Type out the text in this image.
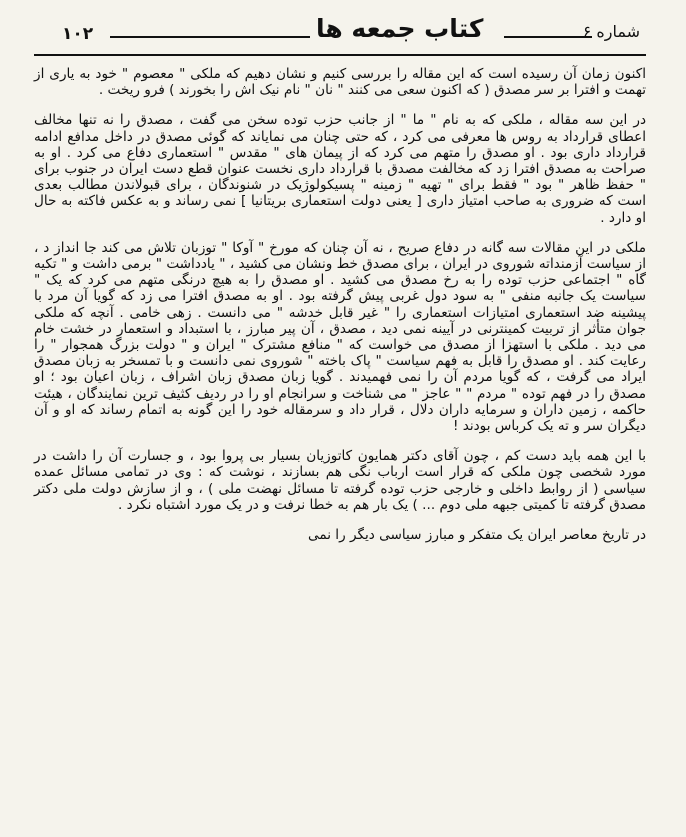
۱۰۲	کتاب جمعه ها	شماره ۶

اکنون زمان آن رسیده است که این مقاله را بررسی کنیم و نشان دهیم که ملکی " معصوم " خود به یاری از تهمت و افترا بر سر مصدق ( که اکنون سعی می کنند " نان " نام نیک اش را بخورند ) فرو ریخت .

در این سه مقاله ، ملکی که به نام " ما " از جانب حزب توده سخن می گفت ، مصدق را نه تنها مخالف اعطای قرارداد به روس ها معرفی می کرد ، که حتی چنان می نمایاند که گوئی مصدق در داخل مدافع ادامه قرارداد داری بود . او مصدق را متهم می کرد که از پیمان های " مقدس " استعماری دفاع می کرد . او به صراحت به مصدق افترا زد که مخالفت مصدق با قرارداد داری نخست عنوان قطع دست ایران در جنوب برای " حفظ ظاهر " بود " فقط برای " تهیه " زمینه " پسیکولوژیک در شنوندگان ، برای قبولاندن مطالب بعدی است که ضروری به صاحب امتیاز داری [ یعنی دولت استعماری بریتانیا ] نمی رساند و به عکس فاکته به حال او دارد .

ملکی در این مقالات سه گانه در دفاع صریح ، نه آن چنان که مورخ " آوکا " توزبان تلاش می کند جا انداز د ، از سیاست آزمنداته شوروی در ایران ، برای مصدق خط ونشان می کشید ، " یادداشت " برمی داشت و " تکیه گاه " اجتماعی حزب توده را به رخ مصدق می کشید . او مصدق را به هیچ درنگی متهم می کرد که یک " سیاست یک جانبه منفی " به سود دول غربی پیش گرفته بود . او به مصدق افترا می زد که گویا آن مرد با پیشینه ضد استعماری امتیازات استعماری را " غیر قابل خدشه " می دانست . زهی خامی . آنچه که ملکی جوان متأثر از تربیت کمینترنی در آیینه نمی دید ، مصدق ، آن پیر مبارز ، با استبداد و استعمار در خشت خام می دید . ملکی با استهزا از مصدق می خواست که " منافع مشترک " ایران و " دولت بزرگ همجوار " را رعایت کند . او مصدق را قابل به فهم سیاست " پاک باخته " شوروی نمی دانست و با تمسخر به زبان مصدق ایراد می گرفت ، که گویا مردم آن را نمی فهمیدند . گویا زبان مصدق زبان اشراف ، زبان اعیان بود ؛ او مصدق را در فهم توده " مردم " " عاجز " می شناخت و سرانجام او را در ردیف کثیف ترین نمایندگان ، هیئت حاکمه ، زمین داران و سرمایه داران دلال ، قرار داد و سرمقاله خود را این گونه به اتمام رساند که او و آن دیگران سر و ته یک کرباس بودند !

با این همه باید دست کم ، چون آقای دکتر همایون کاتوزیان بسیار بی پروا بود ، و جسارت آن را داشت در مورد شخصی چون ملکی که قرار است ارباب نگی هم بسازند ، نوشت که : وی در تمامی مسائل عمده سیاسی ( از روابط داخلی و خارجی حزب توده گرفته تا مسائل نهضت ملی ) ، و از سازش دولت ملی دکتر مصدق گرفته تا کمیتی جبهه ملی دوم ... ) یک بار هم به خطا نرفت و در یک مورد اشتباه نکرد .

در تاریخ معاصر ایران یک متفکر و مبارز سیاسی دیگر را نمی
